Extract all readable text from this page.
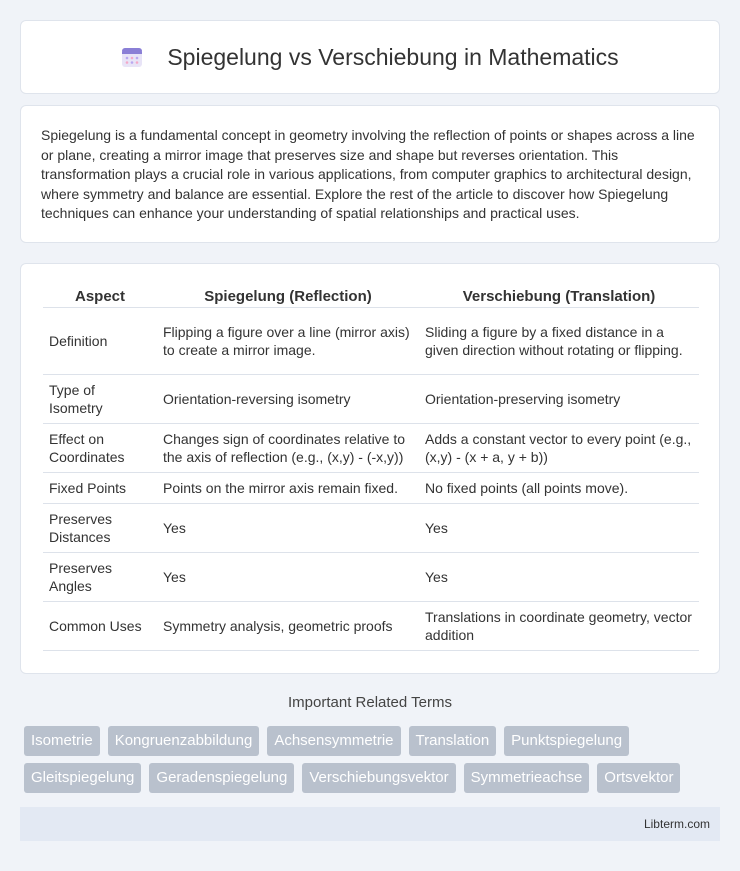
Spiegelung vs Verschiebung in Mathematics

Spiegelung is a fundamental concept in geometry involving the reflection of points or shapes across a line or plane, creating a mirror image that preserves size and shape but reverses orientation. This transformation plays a crucial role in various applications, from computer graphics to architectural design, where symmetry and balance are essential. Explore the rest of the article to discover how Spiegelung techniques can enhance your understanding of spatial relationships and practical uses.

Aspect	Spiegelung (Reflection)	Verschiebung (Translation)
Definition	Flipping a figure over a line (mirror axis) to create a mirror image.	Sliding a figure by a fixed distance in a given direction without rotating or flipping.
Type of Isometry	Orientation-reversing isometry	Orientation-preserving isometry
Effect on Coordinates	Changes sign of coordinates relative to the axis of reflection (e.g., (x,y) - (-x,y))	Adds a constant vector to every point (e.g., (x,y) - (x + a, y + b))
Fixed Points	Points on the mirror axis remain fixed.	No fixed points (all points move).
Preserves Distances	Yes	Yes
Preserves Angles	Yes	Yes
Common Uses	Symmetry analysis, geometric proofs	Translations in coordinate geometry, vector addition
Important Related Terms
Isometrie	Kongruenzabbildung	Achsensymmetrie	Translation	Punktspiegelung
Gleitspiegelung	Geradenspiegelung	Verschiebungsvektor	Symmetrieachse	Ortsvektor
Libterm.com
